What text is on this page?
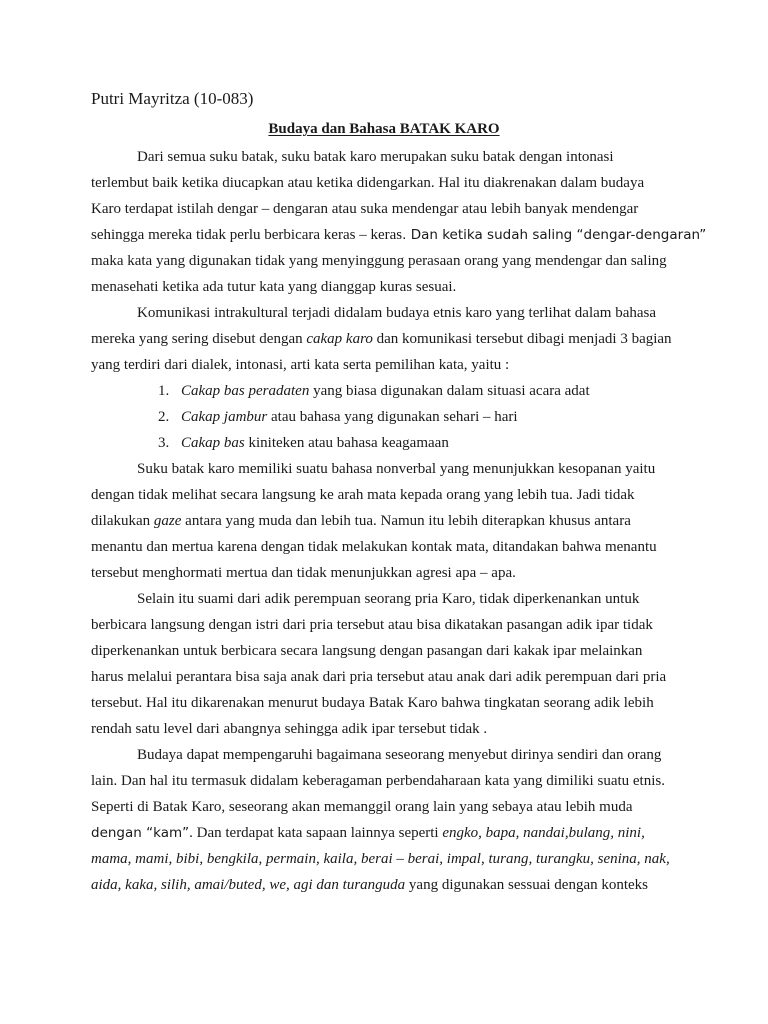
Putri Mayritza (10-083)
Budaya dan Bahasa BATAK KARO

Dari semua suku batak, suku batak karo merupakan suku batak dengan intonasi

terlembut baik ketika diucapkan atau ketika didengarkan. Hal itu diakrenakan dalam budaya

Karo terdapat istilah dengar – dengaran atau suka mendengar atau lebih banyak mendengar

sehingga mereka tidak perlu berbicara keras – keras. Dan ketika sudah saling “dengar-dengaran”

maka kata yang digunakan tidak yang menyinggung perasaan orang yang mendengar dan saling

menasehati ketika ada tutur kata yang dianggap kuras sesuai.

Komunikasi intrakultural terjadi didalam budaya etnis karo yang terlihat dalam bahasa

mereka yang sering disebut dengan cakap karo dan komunikasi tersebut dibagi menjadi 3 bagian

yang terdiri dari dialek, intonasi, arti kata serta pemilihan kata, yaitu :

1. Cakap bas peradaten yang biasa digunakan dalam situasi acara adat

2. Cakap jambur atau bahasa yang digunakan sehari – hari

3. Cakap bas kiniteken atau bahasa keagamaan

Suku batak karo memiliki suatu bahasa nonverbal yang menunjukkan kesopanan yaitu

dengan tidak melihat secara langsung ke arah mata kepada orang yang lebih tua. Jadi tidak

dilakukan gaze antara yang muda dan lebih tua. Namun itu lebih diterapkan khusus antara

menantu dan mertua karena dengan tidak melakukan kontak mata, ditandakan bahwa menantu

tersebut menghormati mertua dan tidak menunjukkan agresi apa – apa.

Selain itu suami dari adik perempuan seorang pria Karo, tidak diperkenankan untuk

berbicara langsung dengan istri dari pria tersebut atau bisa dikatakan pasangan adik ipar tidak

diperkenankan untuk berbicara secara langsung dengan pasangan dari kakak ipar melainkan

harus melalui perantara bisa saja anak dari pria tersebut atau anak dari adik perempuan dari pria

tersebut. Hal itu dikarenakan menurut budaya Batak Karo bahwa tingkatan seorang adik lebih

rendah satu level dari abangnya sehingga adik ipar tersebut tidak .

Budaya dapat mempengaruhi bagaimana seseorang menyebut dirinya sendiri dan orang

lain. Dan hal itu termasuk didalam keberagaman perbendaharaan kata yang dimiliki suatu etnis.

Seperti di Batak Karo, seseorang akan memanggil orang lain yang sebaya atau lebih muda

dengan “kam”. Dan terdapat kata sapaan lainnya seperti engko, bapa, nandai,bulang, nini,

mama, mami, bibi, bengkila, permain, kaila, berai – berai, impal, turang, turangku, senina, nak,

aida, kaka, silih, amai/buted, we, agi dan turanguda yang digunakan sessuai dengan konteks
